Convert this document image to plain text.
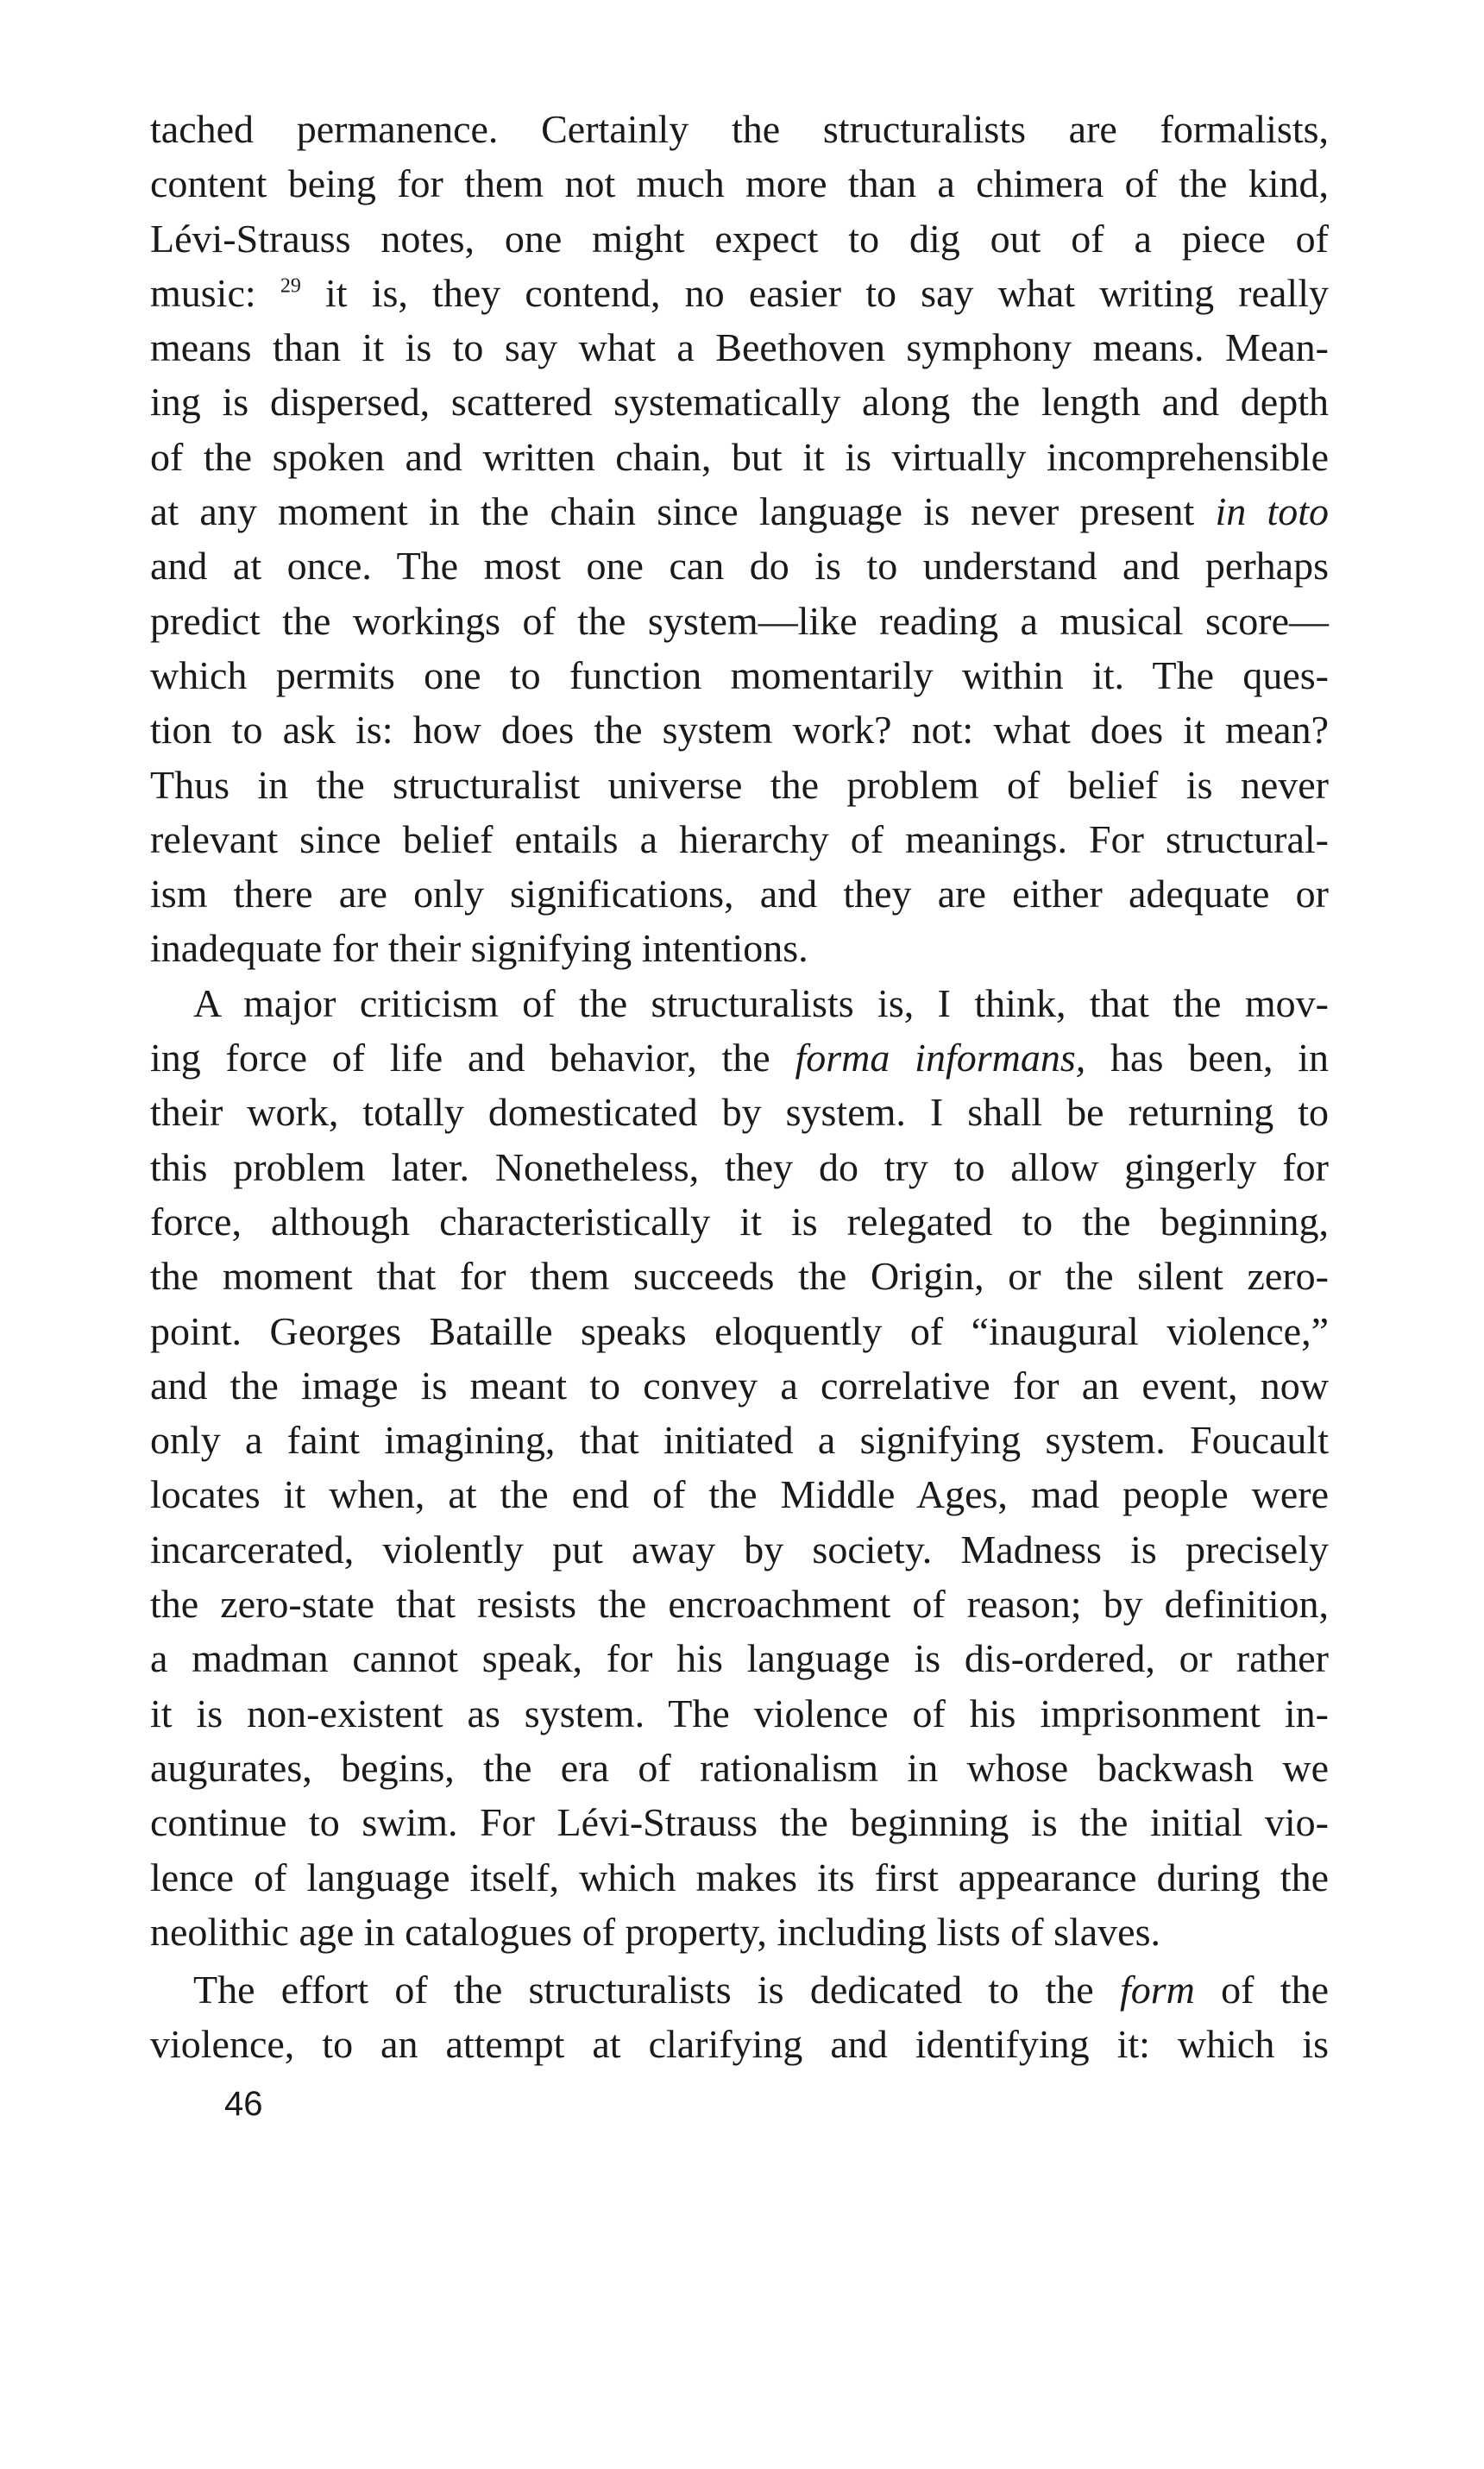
tached permanence. Certainly the structuralists are formalists,
content being for them not much more than a chimera of the kind,
Lévi-Strauss notes, one might expect to dig out of a piece of
music: $^{29}$ it is, they contend, no easier to say what writing really
means than it is to say what a Beethoven symphony means. Mean-
ing is dispersed, scattered systematically along the length and depth
of the spoken and written chain, but it is virtually incomprehensible
at any moment in the chain since language is never present in toto
and at once. The most one can do is to understand and perhaps
predict the workings of the system—like reading a musical score—
which permits one to function momentarily within it. The ques-
tion to ask is: how does the system work? not: what does it mean?
Thus in the structuralist universe the problem of belief is never
relevant since belief entails a hierarchy of meanings. For structural-
ism there are only significations, and they are either adequate or
inadequate for their signifying intentions.
A major criticism of the structuralists is, I think, that the mov-
ing force of life and behavior, the forma informans, has been, in
their work, totally domesticated by system. I shall be returning to
this problem later. Nonetheless, they do try to allow gingerly for
force, although characteristically it is relegated to the beginning,
the moment that for them succeeds the Origin, or the silent zero-
point. Georges Bataille speaks eloquently of “inaugural violence,”
and the image is meant to convey a correlative for an event, now
only a faint imagining, that initiated a signifying system. Foucault
locates it when, at the end of the Middle Ages, mad people were
incarcerated, violently put away by society. Madness is precisely
the zero-state that resists the encroachment of reason; by definition,
a madman cannot speak, for his language is dis-ordered, or rather
it is non-existent as system. The violence of his imprisonment in-
augurates, begins, the era of rationalism in whose backwash we
continue to swim. For Lévi-Strauss the beginning is the initial vio-
lence of language itself, which makes its first appearance during the
neolithic age in catalogues of property, including lists of slaves.
The effort of the structuralists is dedicated to the form of the
violence, to an attempt at clarifying and identifying it: which is
46
